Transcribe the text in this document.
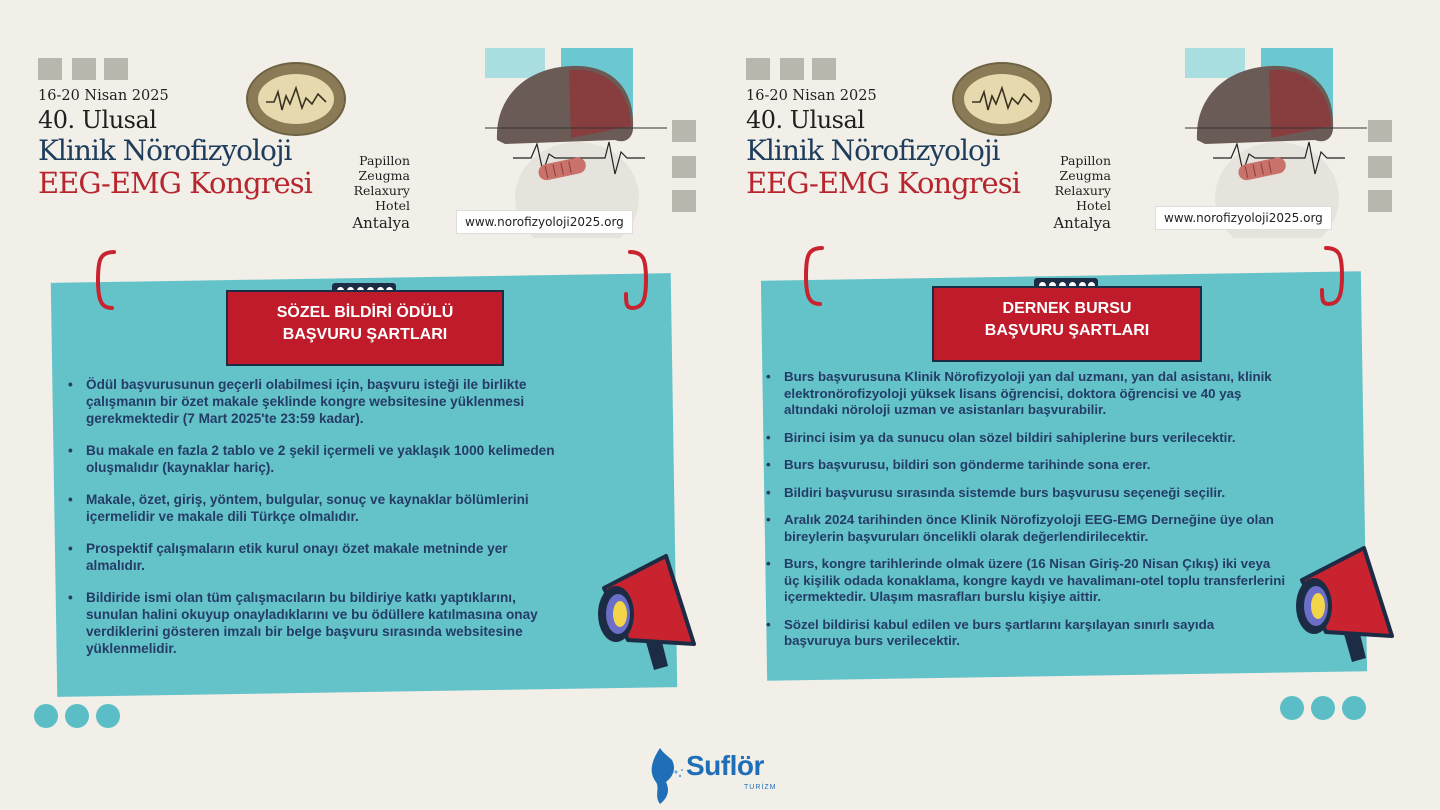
16-20 Nisan 2025
40. Ulusal
Klinik Nörofizyoloji
EEG-EMG Kongresi
Papillon
Zeugma
Relaxury
Hotel
Antalya	www.norofizyoloji2025.org
SÖZEL BİLDİRİ ÖDÜLÜ
BAŞVURU ŞARTLARI
• Ödül başvurusunun geçerli olabilmesi için, başvuru isteği ile birlikte çalışmanın bir özet makale şeklinde kongre websitesine yüklenmesi gerekmektedir (7 Mart 2025'te 23:59 kadar).
• Bu makale en fazla 2 tablo ve 2 şekil içermeli ve yaklaşık 1000 kelimeden oluşmalıdır (kaynaklar hariç).
• Makale, özet, giriş, yöntem, bulgular, sonuç ve kaynaklar bölümlerini içermelidir ve makale dili Türkçe olmalıdır.
• Prospektif çalışmaların etik kurul onayı özet makale metninde yer almalıdır.
• Bildiride ismi olan tüm çalışmacıların bu bildiriye katkı yaptıklarını, sunulan halini okuyup onayladıklarını ve bu ödüllere katılmasına onay verdiklerini gösteren imzalı bir belge başvuru sırasında websitesine yüklenmelidir.
16-20 Nisan 2025
40. Ulusal
Klinik Nörofizyoloji
EEG-EMG Kongresi
Papillon
Zeugma
Relaxury
Hotel
Antalya	www.norofizyoloji2025.org
DERNEK BURSU
BAŞVURU ŞARTLARI
• Burs başvurusuna Klinik Nörofizyoloji yan dal uzmanı, yan dal asistanı, klinik elektronörofizyoloji yüksek lisans öğrencisi, doktora öğrencisi ve 40 yaş altındaki nöroloji uzman ve asistanları başvurabilir.
• Birinci isim ya da sunucu olan sözel bildiri sahiplerine burs verilecektir.
• Burs başvurusu, bildiri son gönderme tarihinde sona erer.
• Bildiri başvurusu sırasında sistemde burs başvurusu seçeneği seçilir.
• Aralık 2024 tarihinden önce Klinik Nörofizyoloji EEG-EMG Derneğine üye olan bireylerin başvuruları öncelikli olarak değerlendirilecektir.
• Burs, kongre tarihlerinde olmak üzere (16 Nisan Giriş-20 Nisan Çıkış) iki veya üç kişilik odada konaklama, kongre kaydı ve havalimanı-otel toplu transferlerini içermektedir. Ulaşım masrafları burslu kişiye aittir.
• Sözel bildirisi kabul edilen ve burs şartlarını karşılayan sınırlı sayıda başvuruya burs verilecektir.
Suflör
TURİZM
